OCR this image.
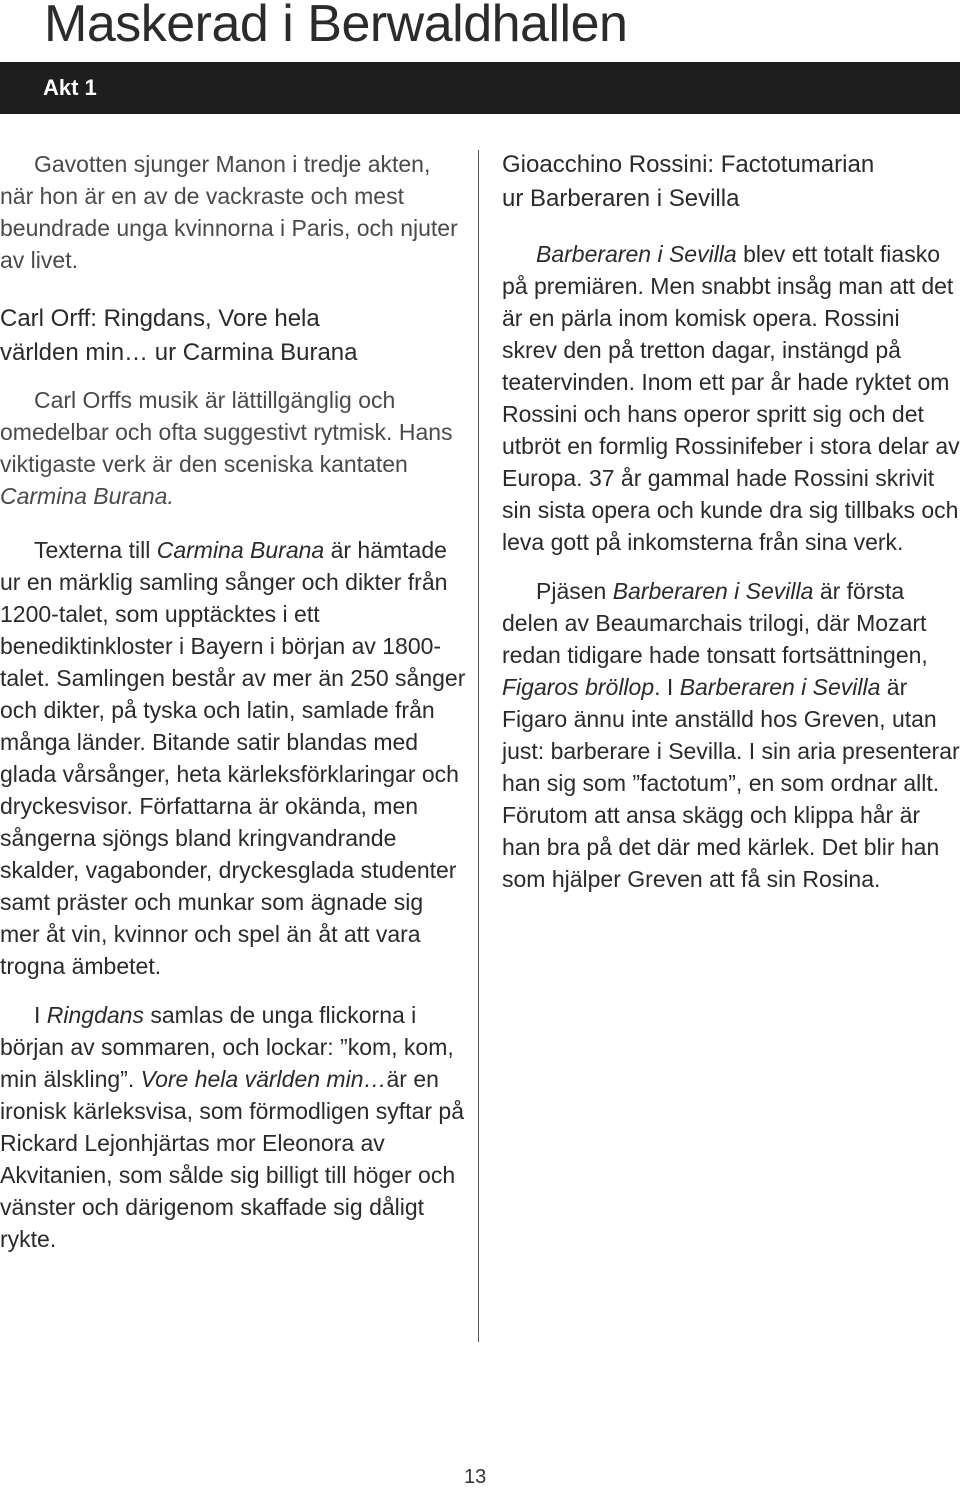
Maskerad i Berwaldhallen
Akt 1

Gavotten sjunger Manon i tredje akten, när hon är en av de vackraste och mest beundrade unga kvinnorna i Paris, och njuter av livet.

Carl Orff: Ringdans, Vore hela
världen min… ur Carmina Burana

Carl Orffs musik är lättillgänglig och omedelbar och ofta suggestivt rytmisk. Hans viktigaste verk är den sceniska kantaten Carmina Burana.

Texterna till Carmina Burana är hämtade ur en märklig samling sånger och dikter från 1200-talet, som upptäcktes i ett benediktinkloster i Bayern i början av 1800-talet. Samlingen består av mer än 250 sånger och dikter, på tyska och latin, samlade från många länder. Bitande satir blandas med glada vårsånger, heta kärleksförklaringar och dryckesvisor. Författarna är okända, men sångerna sjöngs bland kringvandrande skalder, vagabonder, dryckesglada studenter samt präster och munkar som ägnade sig mer åt vin, kvinnor och spel än åt att vara trogna ämbetet.

I Ringdans samlas de unga flickorna i början av sommaren, och lockar: ”kom, kom, min älskling”. Vore hela världen min…är en ironisk kärleksvisa, som förmodligen syftar på Rickard Lejonhjärtas mor Eleonora av Akvitanien, som sålde sig billigt till höger och vänster och därigenom skaffade sig dåligt rykte.

Gioacchino Rossini: Factotumarian
ur Barberaren i Sevilla

Barberaren i Sevilla blev ett totalt fiasko på premiären. Men snabbt insåg man att det är en pärla inom komisk opera. Rossini skrev den på tretton dagar, instängd på teatervinden. Inom ett par år hade ryktet om Rossini och hans operor spritt sig och det utbröt en formlig Rossinifeber i stora delar av Europa. 37 år gammal hade Rossini skrivit sin sista opera och kunde dra sig tillbaks och leva gott på inkomsterna från sina verk.

Pjäsen Barberaren i Sevilla är första delen av Beaumarchais trilogi, där Mozart redan tidigare hade tonsatt fortsättningen, Figaros bröllop. I Barberaren i Sevilla är Figaro ännu inte anställd hos Greven, utan just: barberare i Sevilla. I sin aria presenterar han sig som ”factotum”, en som ordnar allt. Förutom att ansa skägg och klippa hår är han bra på det där med kärlek. Det blir han som hjälper Greven att få sin Rosina.

13
